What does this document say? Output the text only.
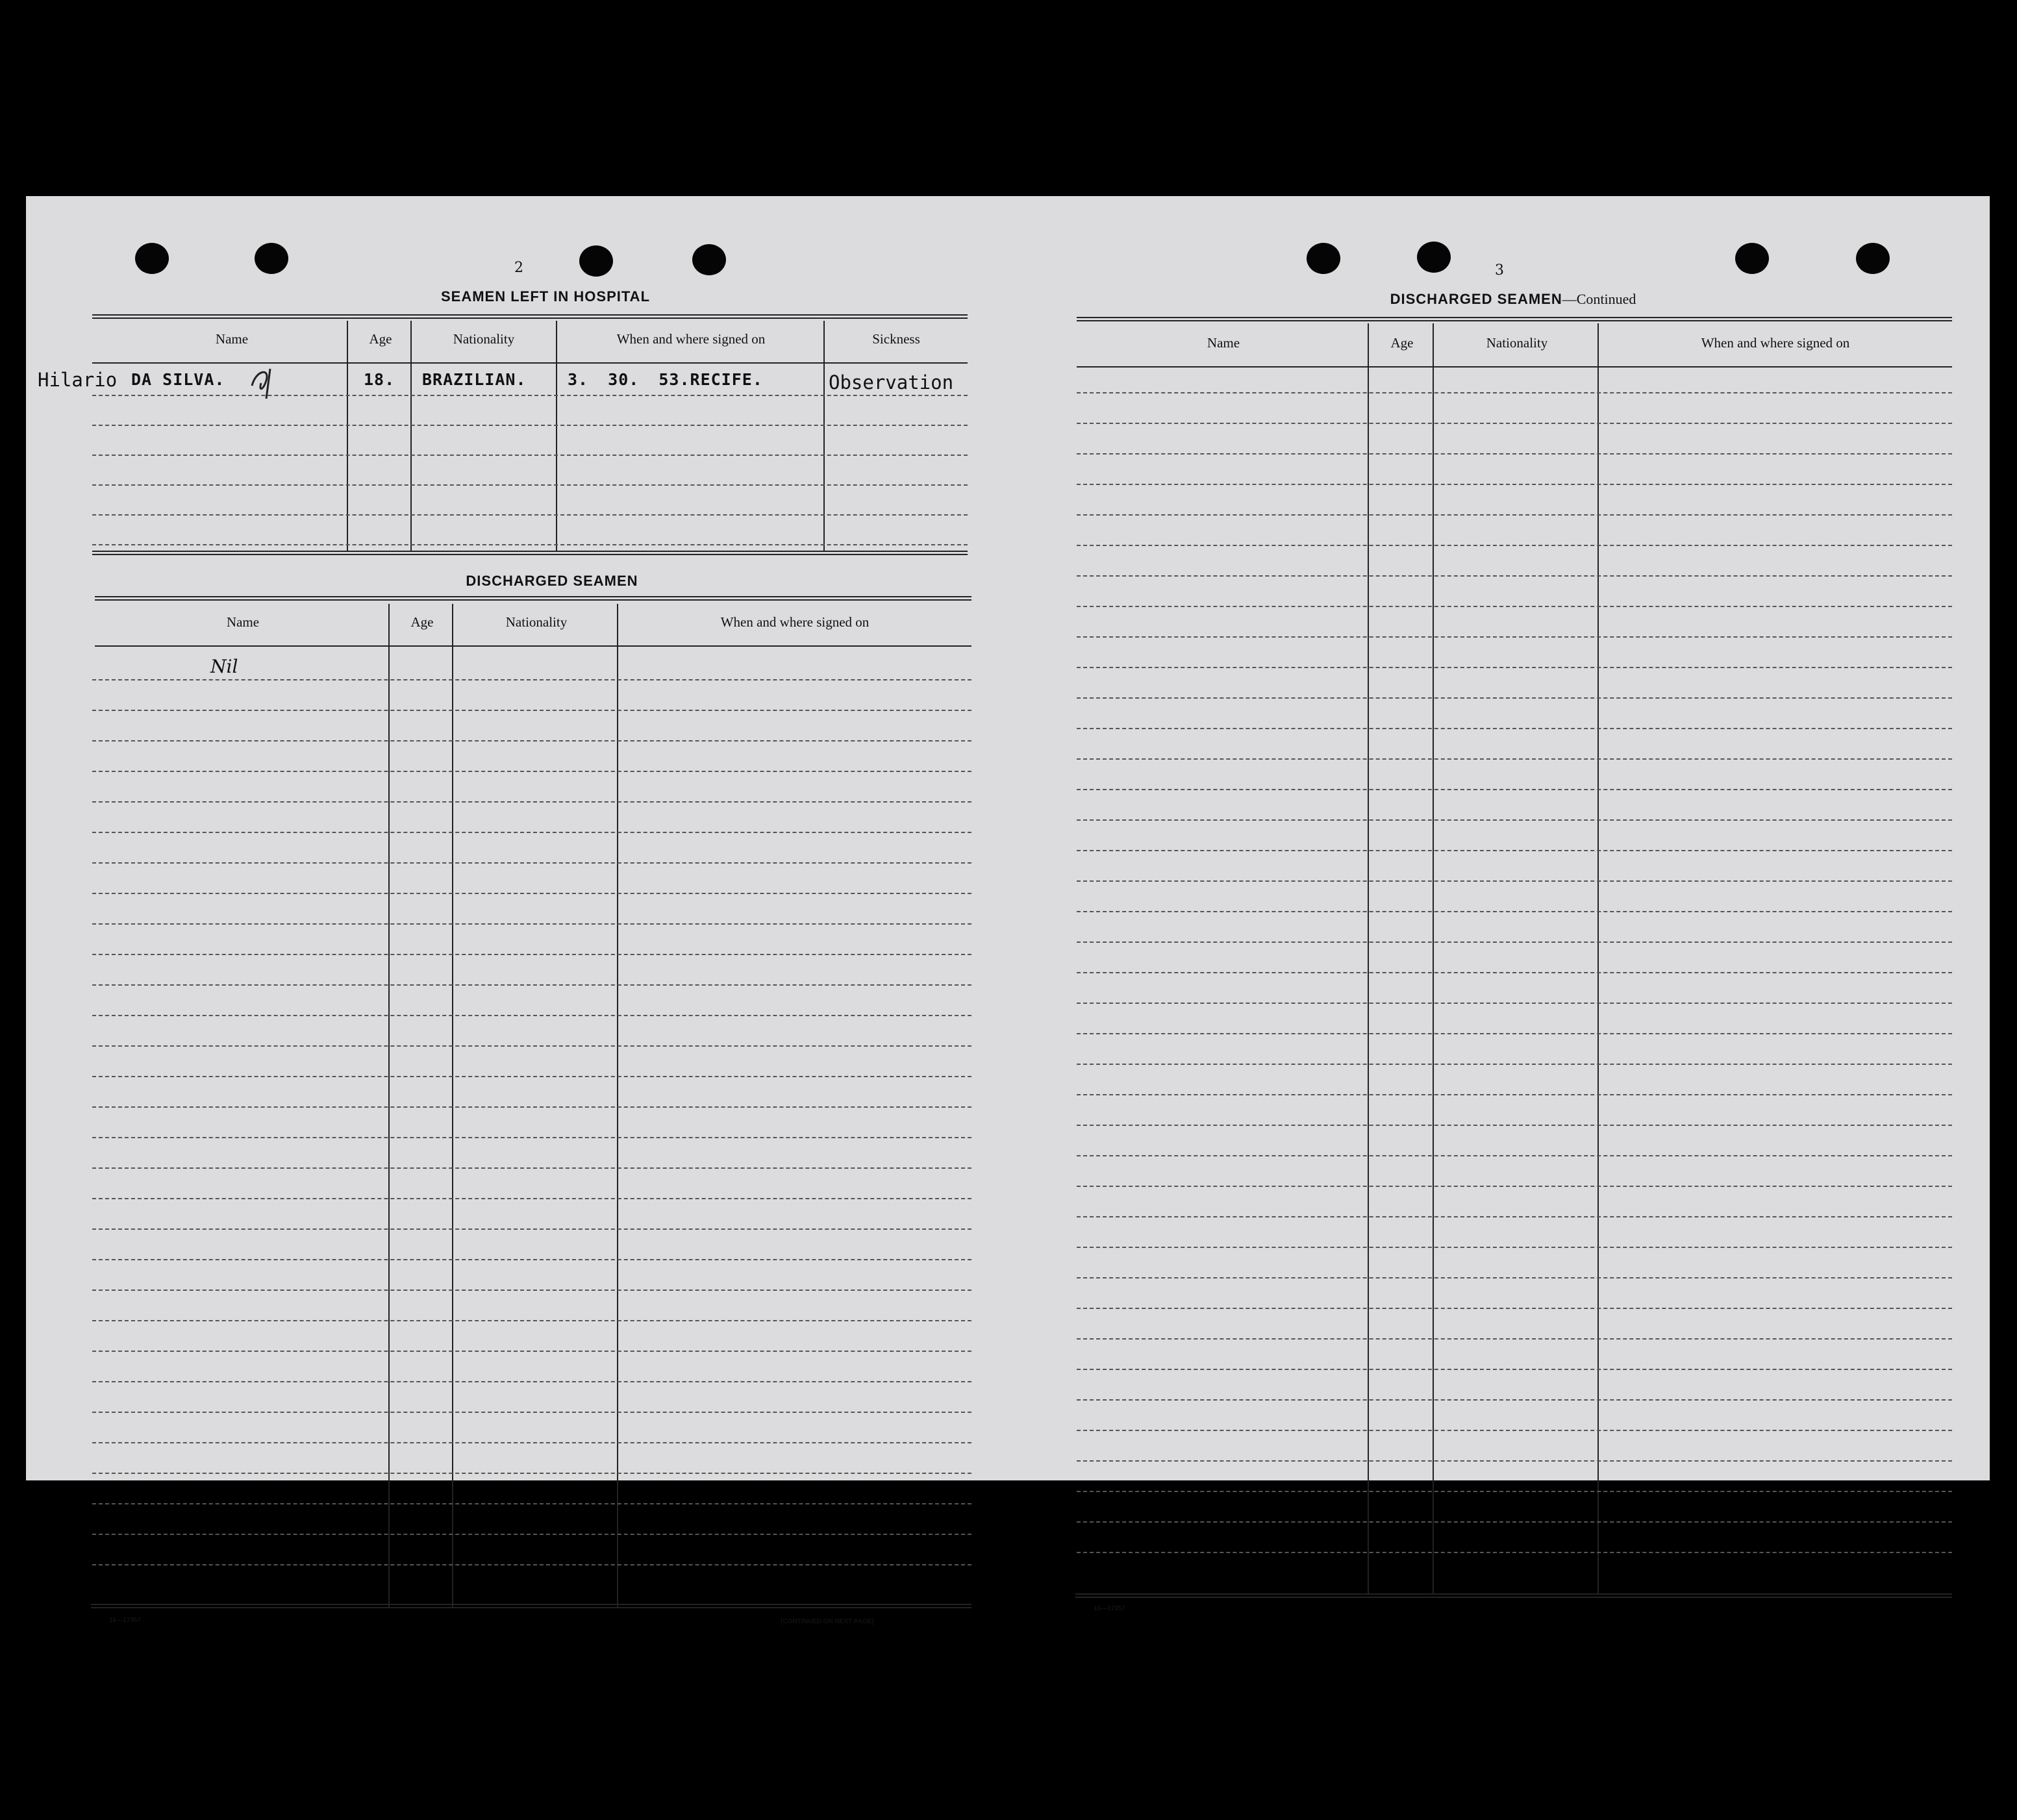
2
SEAMEN LEFT IN HOSPITAL
Name	Age	Nationality	When and where signed on	Sickness
Hilario DA SILVA.	18. BRAZILIAN.	3. 30. 53.RECIFE.	Observation
DISCHARGED SEAMEN
Name	Age	Nationality	When and where signed on
Nil
16—17357	[CONTINUED ON NEXT PAGE]
3
DISCHARGED SEAMEN—Continued
Name	Age	Nationality	When and where signed on
16—17357
